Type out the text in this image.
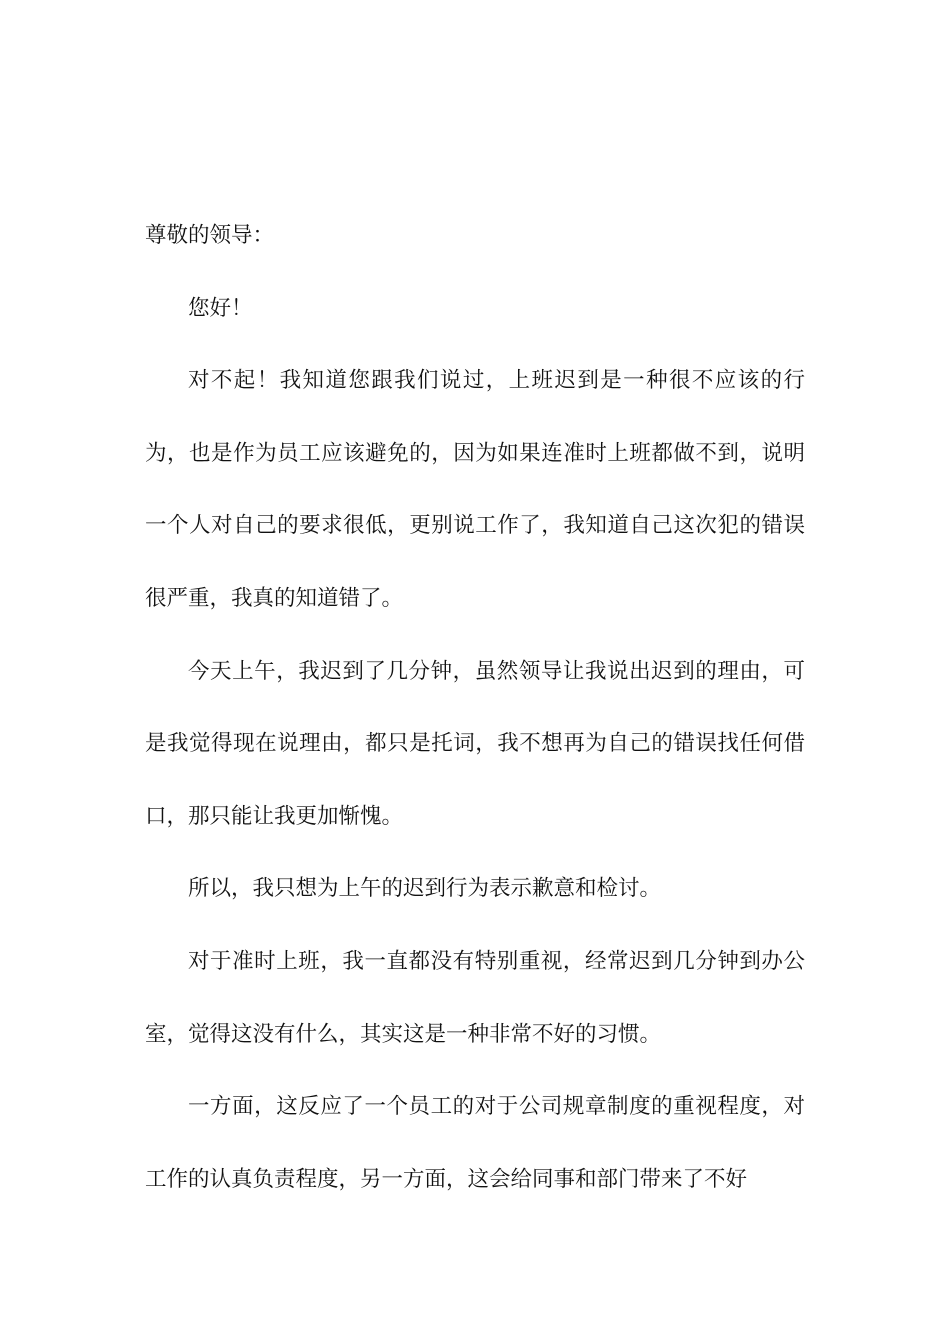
尊敬的领导：

您好！

对不起！我知道您跟我们说过，上班迟到是一种很不应该的行为，也是作为员工应该避免的，因为如果连准时上班都做不到，说明一个人对自己的要求很低，更别说工作了，我知道自己这次犯的错误很严重，我真的知道错了。

今天上午，我迟到了几分钟，虽然领导让我说出迟到的理由，可是我觉得现在说理由，都只是托词，我不想再为自己的错误找任何借口，那只能让我更加惭愧。

所以，我只想为上午的迟到行为表示歉意和检讨。

对于准时上班，我一直都没有特别重视，经常迟到几分钟到办公室，觉得这没有什么，其实这是一种非常不好的习惯。

一方面，这反应了一个员工的对于公司规章制度的重视程度，对工作的认真负责程度，另一方面，这会给同事和部门带来了不好
